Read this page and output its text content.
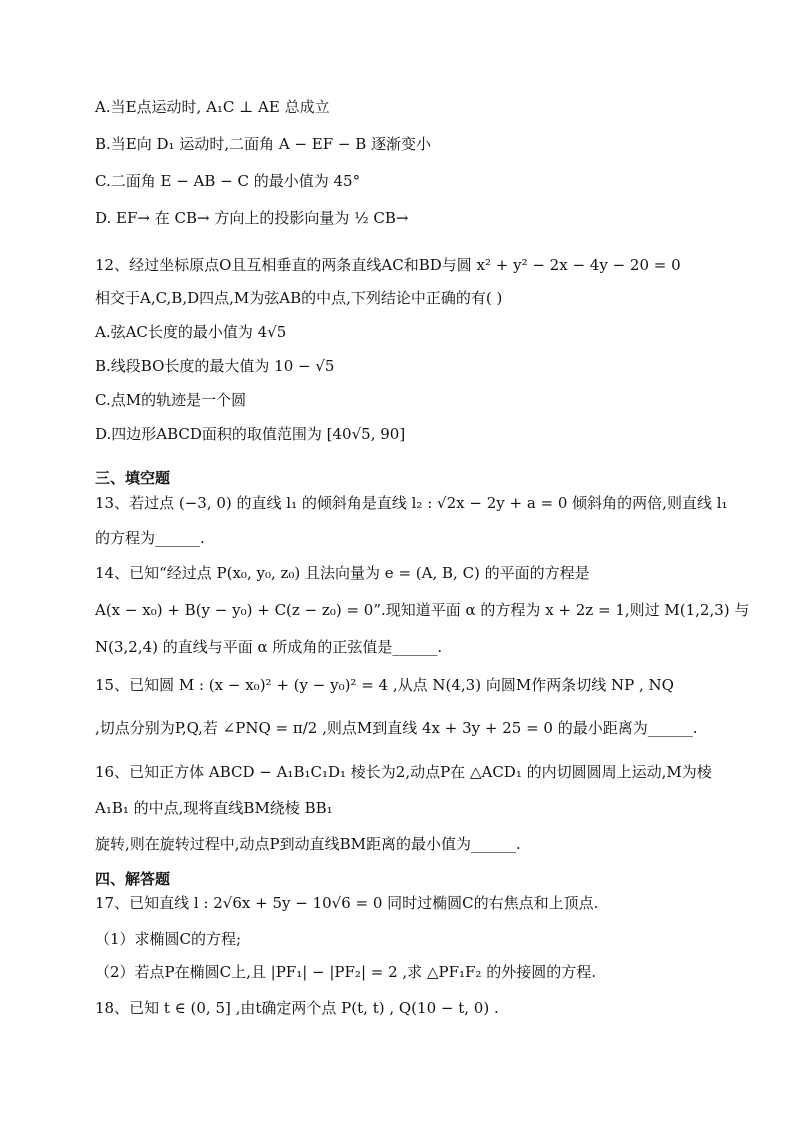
A.当E点运动时, A₁C ⊥ AE 总成立
B.当E向 D₁ 运动时,二面角 A − EF − B 逐渐变小
C.二面角 E − AB − C 的最小值为 45°
D. EF→ 在 CB→ 方向上的投影向量为 ½ CB→
12、经过坐标原点O且互相垂直的两条直线AC和BD与圆 x² + y² − 2x − 4y − 20 = 0
相交于A,C,B,D四点,M为弦AB的中点,下列结论中正确的有( )
A.弦AC长度的最小值为 4√5
B.线段BO长度的最大值为 10 − √5
C.点M的轨迹是一个圆
D.四边形ABCD面积的取值范围为 [40√5, 90]
三、填空题
13、若过点 (−3, 0) 的直线 l₁ 的倾斜角是直线 l₂ : √2x − 2y + a = 0 倾斜角的两倍,则直线 l₁
的方程为______.
14、已知“经过点 P(x₀, y₀, z₀) 且法向量为 e = (A, B, C) 的平面的方程是
A(x − x₀) + B(y − y₀) + C(z − z₀) = 0”.现知道平面 α 的方程为 x + 2z = 1,则过 M(1,2,3) 与
N(3,2,4) 的直线与平面 α 所成角的正弦值是______.
15、已知圆 M : (x − x₀)² + (y − y₀)² = 4 ,从点 N(4,3) 向圆M作两条切线 NP , NQ
,切点分别为P,Q,若 ∠PNQ = π/2 ,则点M到直线 4x + 3y + 25 = 0 的最小距离为______.
16、已知正方体 ABCD − A₁B₁C₁D₁ 棱长为2,动点P在 △ACD₁ 的内切圆圆周上运动,M为棱
A₁B₁ 的中点,现将直线BM绕棱 BB₁
旋转,则在旋转过程中,动点P到动直线BM距离的最小值为______.
四、解答题
17、已知直线 l : 2√6x + 5y − 10√6 = 0 同时过椭圆C的右焦点和上顶点.
（1）求椭圆C的方程;
（2）若点P在椭圆C上,且 |PF₁| − |PF₂| = 2 ,求 △PF₁F₂ 的外接圆的方程.
18、已知 t ∈ (0, 5] ,由t确定两个点 P(t, t) , Q(10 − t, 0) .
